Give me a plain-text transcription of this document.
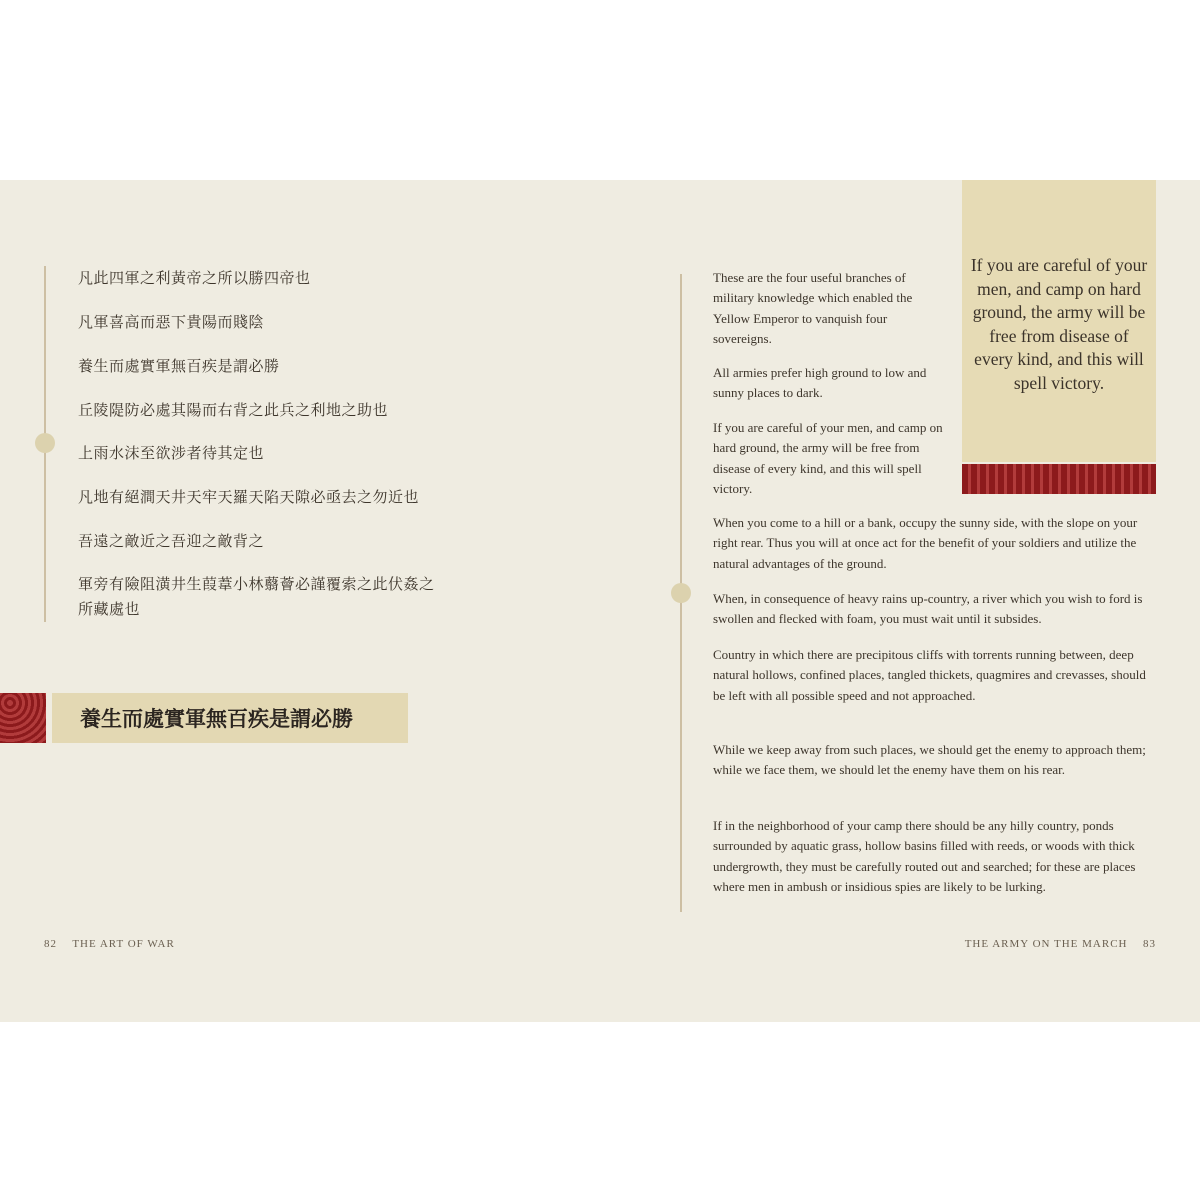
凡此四軍之利黃帝之所以勝四帝也
凡軍喜高而惡下貴陽而賤陰
養生而處實軍無百疾是謂必勝
丘陵隄防必處其陽而右背之此兵之利地之助也
上雨水沫至欲涉者待其定也
凡地有絕澗天井天牢天羅天陷天隙必亟去之勿近也
吾遠之敵近之吾迎之敵背之
軍旁有險阻潢井生葭葦小林蘙薈必謹覆索之此伏姦之
所藏處也
養生而處實軍無百疾是謂必勝
82 THE ART OF WAR
If you are careful of your men, and camp on hard ground, the army will be free from disease of every kind, and this will spell victory.
These are the four useful branches of military knowledge which enabled the Yellow Emperor to vanquish four sovereigns.
All armies prefer high ground to low and sunny places to dark.
If you are careful of your men, and camp on hard ground, the army will be free from disease of every kind, and this will spell victory.
When you come to a hill or a bank, occupy the sunny side, with the slope on your right rear. Thus you will at once act for the benefit of your soldiers and utilize the natural advantages of the ground.
When, in consequence of heavy rains up-country, a river which you wish to ford is swollen and flecked with foam, you must wait until it subsides.
Country in which there are precipitous cliffs with torrents running between, deep natural hollows, confined places, tangled thickets, quagmires and crevasses, should be left with all possible speed and not approached.
While we keep away from such places, we should get the enemy to approach them; while we face them, we should let the enemy have them on his rear.
If in the neighborhood of your camp there should be any hilly country, ponds surrounded by aquatic grass, hollow basins filled with reeds, or woods with thick undergrowth, they must be carefully routed out and searched; for these are places where men in ambush or insidious spies are likely to be lurking.
THE ARMY ON THE MARCH 83
